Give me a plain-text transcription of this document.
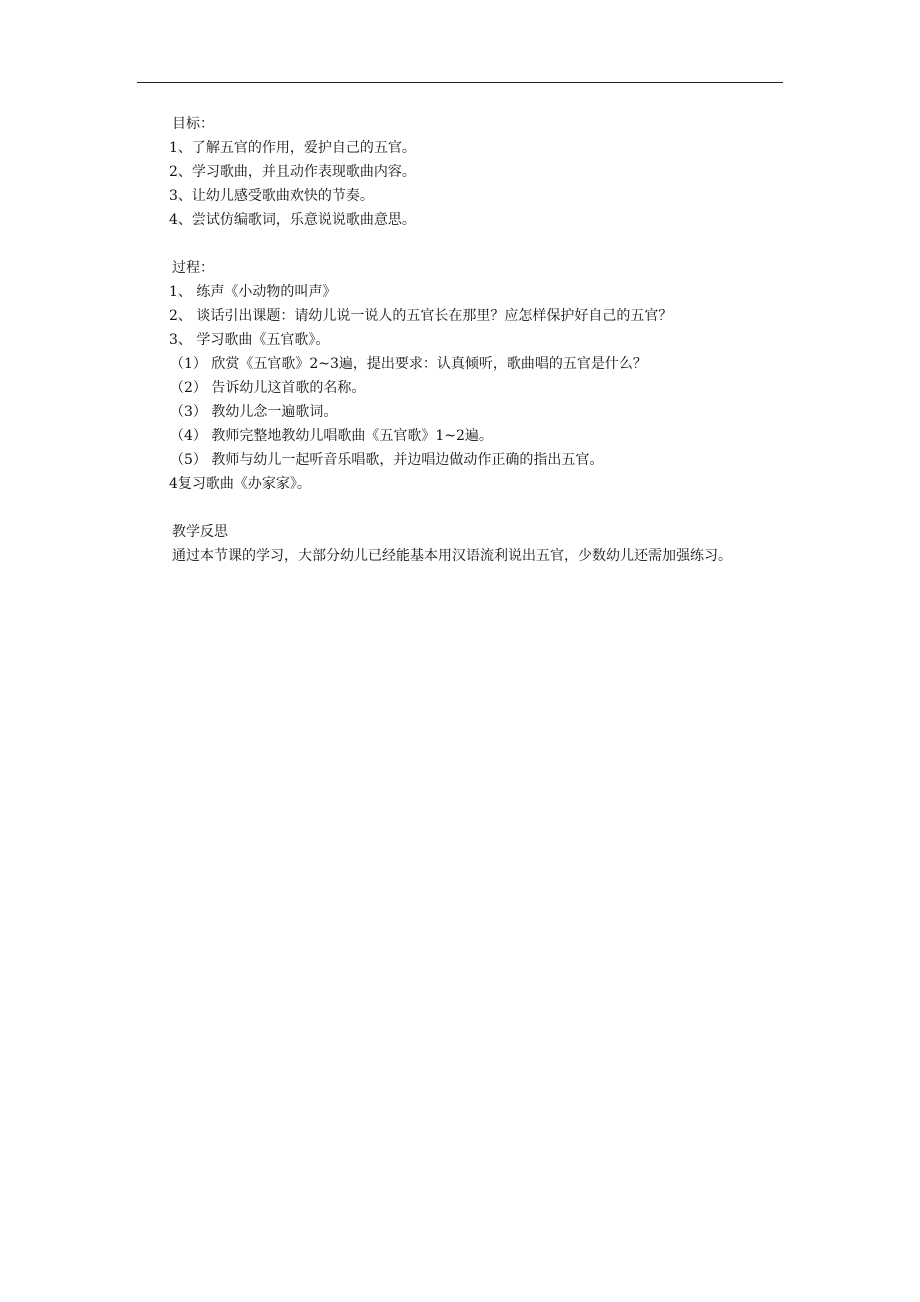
目标：
1、了解五官的作用，爱护自己的五官。
2、学习歌曲，并且动作表现歌曲内容。
3、让幼儿感受歌曲欢快的节奏。
4、尝试仿编歌词，乐意说说歌曲意思。
过程：
1、 练声《小动物的叫声》
2、 谈话引出课题：请幼儿说一说人的五官长在那里？应怎样保护好自己的五官？
3、 学习歌曲《五官歌》。
（1） 欣赏《五官歌》2~3遍，提出要求：认真倾听，歌曲唱的五官是什么？
（2） 告诉幼儿这首歌的名称。
（3） 教幼儿念一遍歌词。
（4） 教师完整地教幼儿唱歌曲《五官歌》1~2遍。
（5） 教师与幼儿一起听音乐唱歌，并边唱边做动作正确的指出五官。
4复习歌曲《办家家》。
教学反思
通过本节课的学习，大部分幼儿已经能基本用汉语流利说出五官，少数幼儿还需加强练习。
